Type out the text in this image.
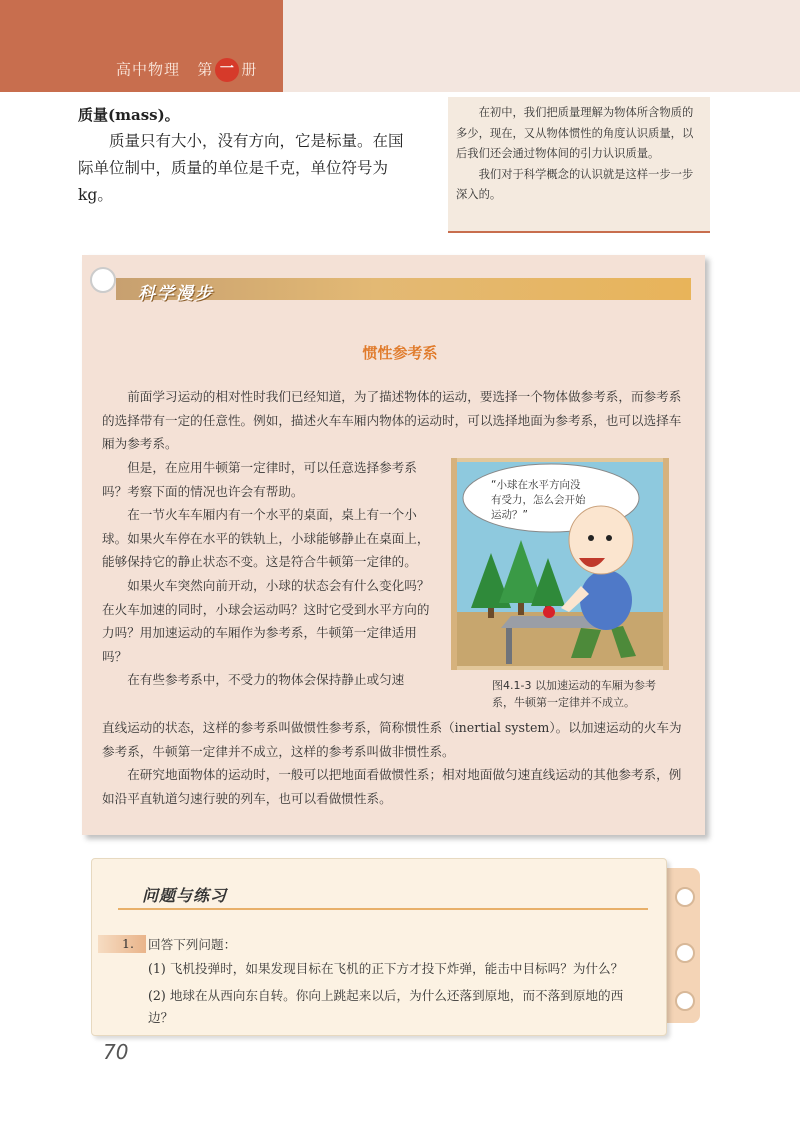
高中物理 第 一 册
质量(mass)。

质量只有大小，没有方向，它是标量。在国际单位制中，质量的单位是千克，单位符号为kg。

在初中，我们把质量理解为物体所含物质的多少，现在，又从物体惯性的角度认识质量，以后我们还会通过物体间的引力认识质量。

我们对于科学概念的认识就是这样一步一步深入的。

科学漫步
惯性参考系

前面学习运动的相对性时我们已经知道，为了描述物体的运动，要选择一个物体做参考系，而参考系的选择带有一定的任意性。例如，描述火车车厢内物体的运动时，可以选择地面为参考系，也可以选择车厢为参考系。

但是，在应用牛顿第一定律时，可以任意选择参考系吗？考察下面的情况也许会有帮助。

在一节火车车厢内有一个水平的桌面，桌上有一个小球。如果火车停在水平的铁轨上，小球能够静止在桌面上，能够保持它的静止状态不变。这是符合牛顿第一定律的。

如果火车突然向前开动，小球的状态会有什么变化吗？在火车加速的同时，小球会运动吗？这时它受到水平方向的力吗？用加速运动的车厢作为参考系，牛顿第一定律适用吗？

在有些参考系中，不受力的物体会保持静止或匀速

直线运动的状态，这样的参考系叫做惯性参考系，简称惯性系（inertial system）。以加速运动的火车为参考系，牛顿第一定律并不成立，这样的参考系叫做非惯性系。

在研究地面物体的运动时，一般可以把地面看做惯性系；相对地面做匀速直线运动的其他参考系，例如沿平直轨道匀速行驶的列车，也可以看做惯性系。

“小球在水平方向没
有受力，怎么会开始
运动？”
图4.1-3 以加速运动的车厢为参考系，牛顿第一定律并不成立。
问题与练习
1. 回答下列问题：
(1) 飞机投弹时，如果发现目标在飞机的正下方才投下炸弹，能击中目标吗？为什么？
(2) 地球在从西向东自转。你向上跳起来以后，为什么还落到原地，而不落到原地的西边？
70
